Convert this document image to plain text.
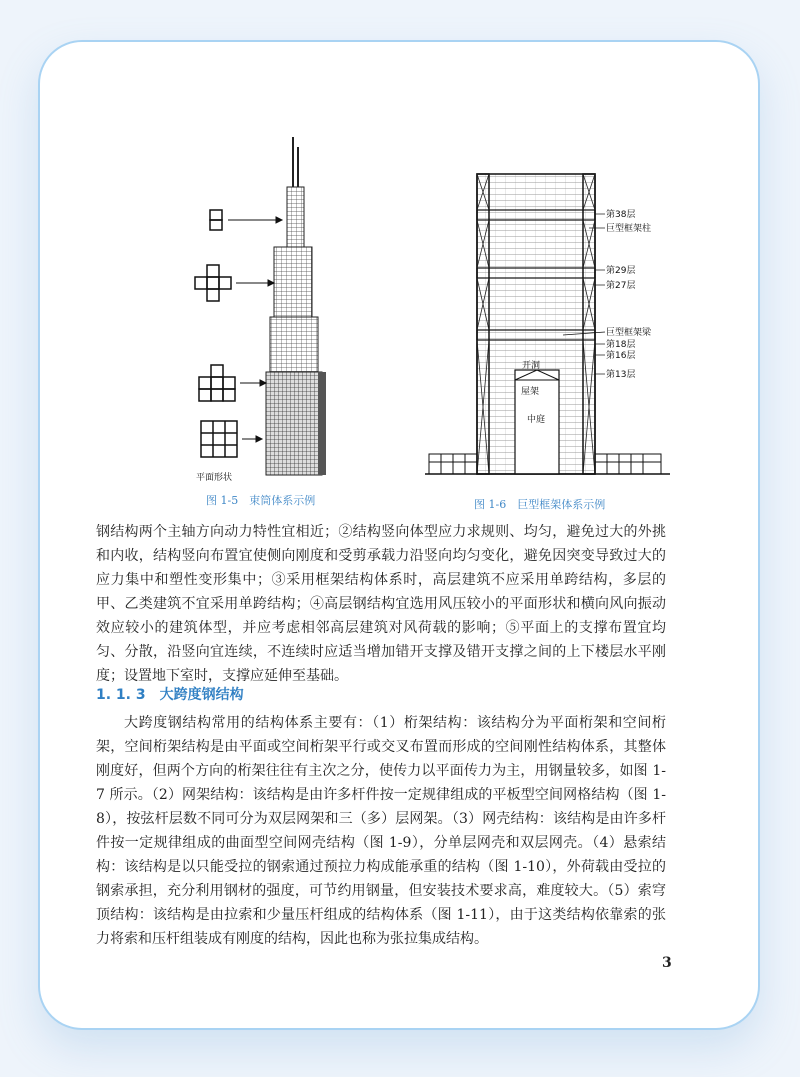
平面形状
图 1-5　束筒体系示例
开洞
屋架
中庭
第38层
巨型框架柱
第29层
第27层
巨型框架梁
第18层
第16层
第13层
图 1-6　巨型框架体系示例

钢结构两个主轴方向动力特性宜相近；②结构竖向体型应力求规则、均匀，避免过大的外挑和内收，结构竖向布置宜使侧向刚度和受剪承载力沿竖向均匀变化，避免因突变导致过大的应力集中和塑性变形集中；③采用框架结构体系时，高层建筑不应采用单跨结构，多层的甲、乙类建筑不宜采用单跨结构；④高层钢结构宜选用风压较小的平面形状和横向风向振动效应较小的建筑体型，并应考虑相邻高层建筑对风荷载的影响；⑤平面上的支撑布置宜均匀、分散，沿竖向宜连续，不连续时应适当增加错开支撑及错开支撑之间的上下楼层水平刚度；设置地下室时，支撑应延伸至基础。

1. 1. 3 大跨度钢结构

大跨度钢结构常用的结构体系主要有：（1）桁架结构：该结构分为平面桁架和空间桁架，空间桁架结构是由平面或空间桁架平行或交叉布置而形成的空间刚性结构体系，其整体刚度好，但两个方向的桁架往往有主次之分，使传力以平面传力为主，用钢量较多，如图 1-7 所示。（2）网架结构：该结构是由许多杆件按一定规律组成的平板型空间网格结构（图 1-8），按弦杆层数不同可分为双层网架和三（多）层网架。（3）网壳结构：该结构是由许多杆件按一定规律组成的曲面型空间网壳结构（图 1-9），分单层网壳和双层网壳。（4）悬索结构：该结构是以只能受拉的钢索通过预拉力构成能承重的结构（图 1-10），外荷载由受拉的钢索承担，充分利用钢材的强度，可节约用钢量，但安装技术要求高，难度较大。（5）索穹顶结构：该结构是由拉索和少量压杆组成的结构体系（图 1-11），由于这类结构依靠索的张力将索和压杆组装成有刚度的结构，因此也称为张拉集成结构。

3
